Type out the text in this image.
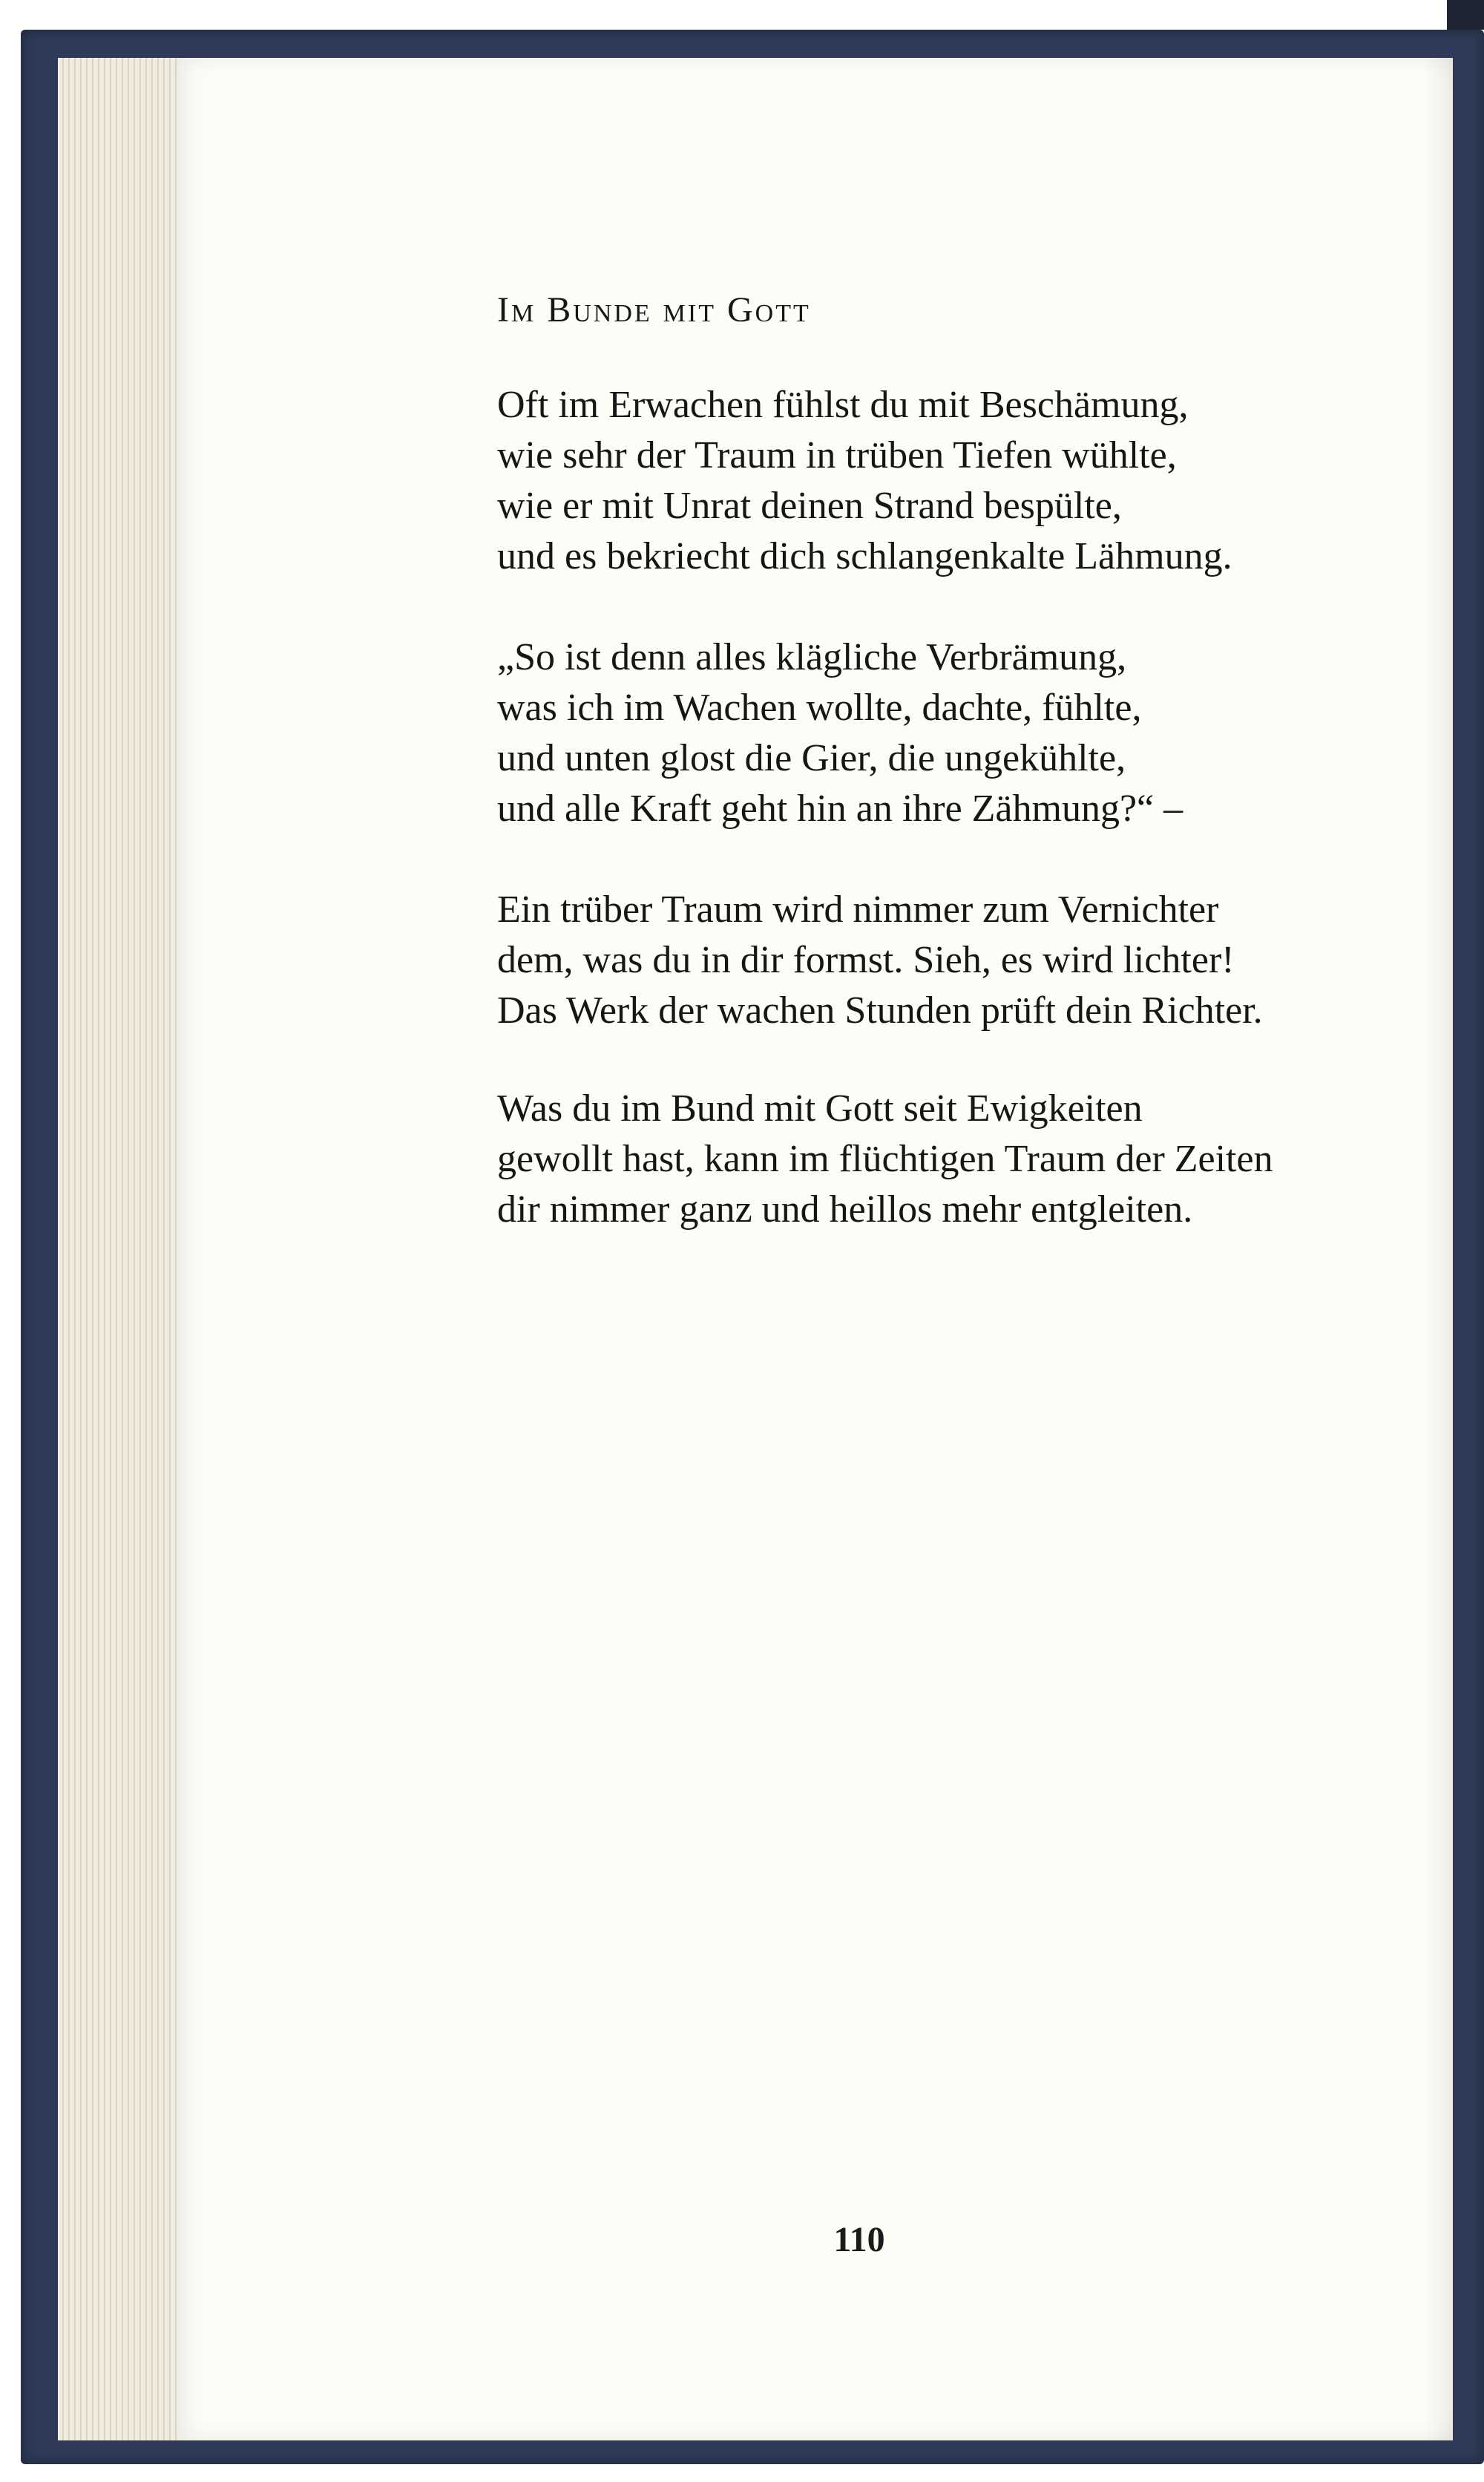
Im Bunde mit Gott
Oft im Erwachen fühlst du mit Beschämung,
wie sehr der Traum in trüben Tiefen wühlte,
wie er mit Unrat deinen Strand bespülte,
und es bekriecht dich schlangenkalte Lähmung.
„So ist denn alles klägliche Verbrämung,
was ich im Wachen wollte, dachte, fühlte,
und unten glost die Gier, die ungekühlte,
und alle Kraft geht hin an ihre Zähmung?“ –
Ein trüber Traum wird nimmer zum Vernichter
dem, was du in dir formst. Sieh, es wird lichter!
Das Werk der wachen Stunden prüft dein Richter.
Was du im Bund mit Gott seit Ewigkeiten
gewollt hast, kann im flüchtigen Traum der Zeiten
dir nimmer ganz und heillos mehr entgleiten.
110
